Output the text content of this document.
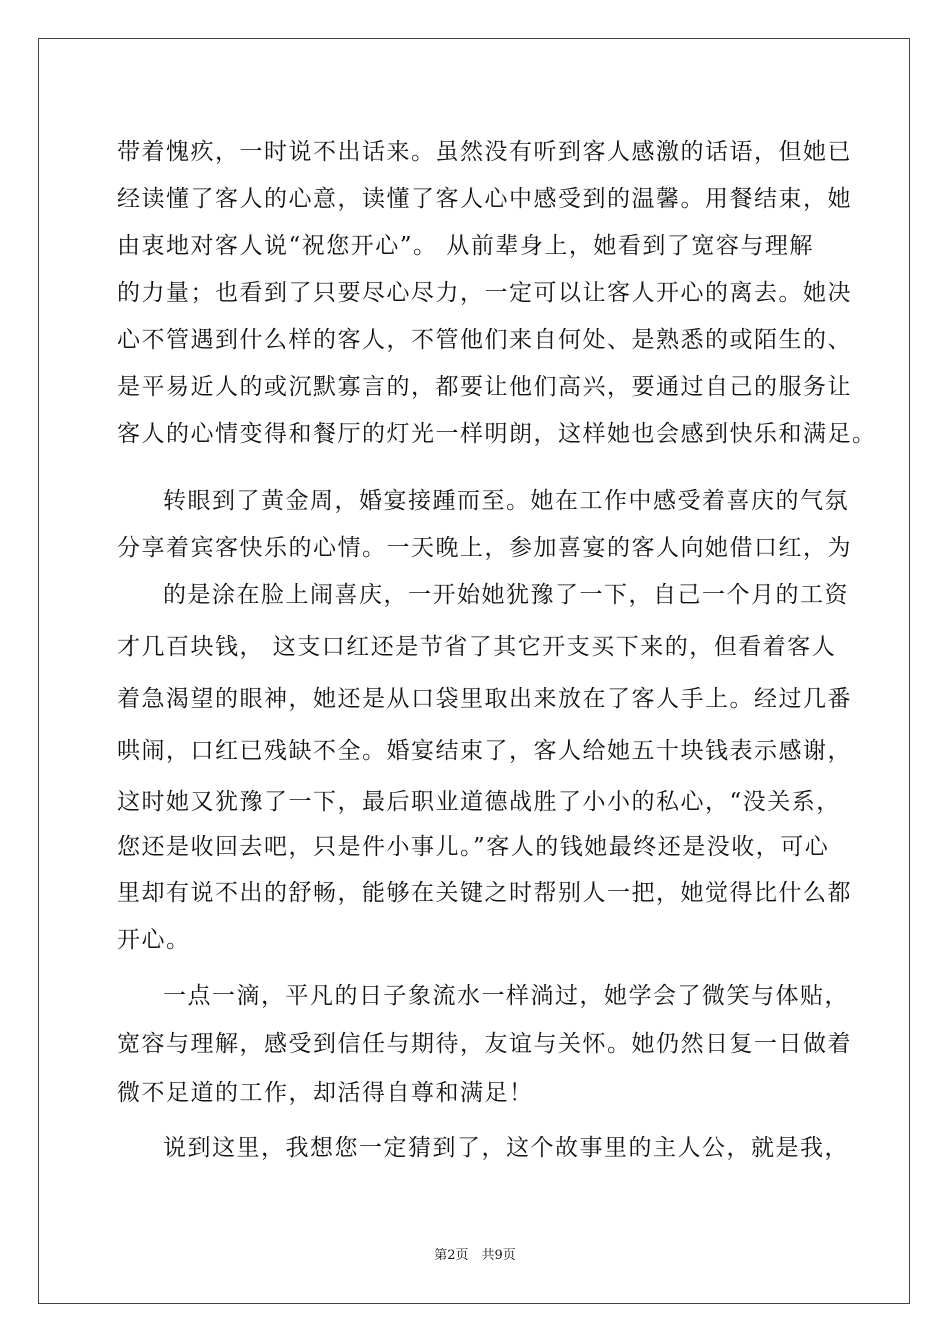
带着愧疚，一时说不出话来。虽然没有听到客人感激的话语，但她已
经读懂了客人的心意，读懂了客人心中感受到的温馨。用餐结束，她
由衷地对客人说“祝您开心”。 从前辈身上，她看到了宽容与理解
的力量；也看到了只要尽心尽力，一定可以让客人开心的离去。她决
心不管遇到什么样的客人，不管他们来自何处、是熟悉的或陌生的、
是平易近人的或沉默寡言的，都要让他们高兴，要通过自己的服务让
客人的心情变得和餐厅的灯光一样明朗，这样她也会感到快乐和满足。
转眼到了黄金周，婚宴接踵而至。她在工作中感受着喜庆的气氛
分享着宾客快乐的心情。一天晚上，参加喜宴的客人向她借口红，为
的是涂在脸上闹喜庆，一开始她犹豫了一下，自己一个月的工资
才几百块钱， 这支口红还是节省了其它开支买下来的，但看着客人
着急渴望的眼神，她还是从口袋里取出来放在了客人手上。经过几番
哄闹，口红已残缺不全。婚宴结束了，客人给她五十块钱表示感谢，
这时她又犹豫了一下，最后职业道德战胜了小小的私心，“没关系，
您还是收回去吧，只是件小事儿。”客人的钱她最终还是没收，可心
里却有说不出的舒畅，能够在关键之时帮别人一把，她觉得比什么都
开心。
一点一滴，平凡的日子象流水一样淌过，她学会了微笑与体贴，
宽容与理解，感受到信任与期待，友谊与关怀。她仍然日复一日做着
微不足道的工作，却活得自尊和满足！
说到这里，我想您一定猜到了，这个故事里的主人公，就是我，
第2页　共9页
